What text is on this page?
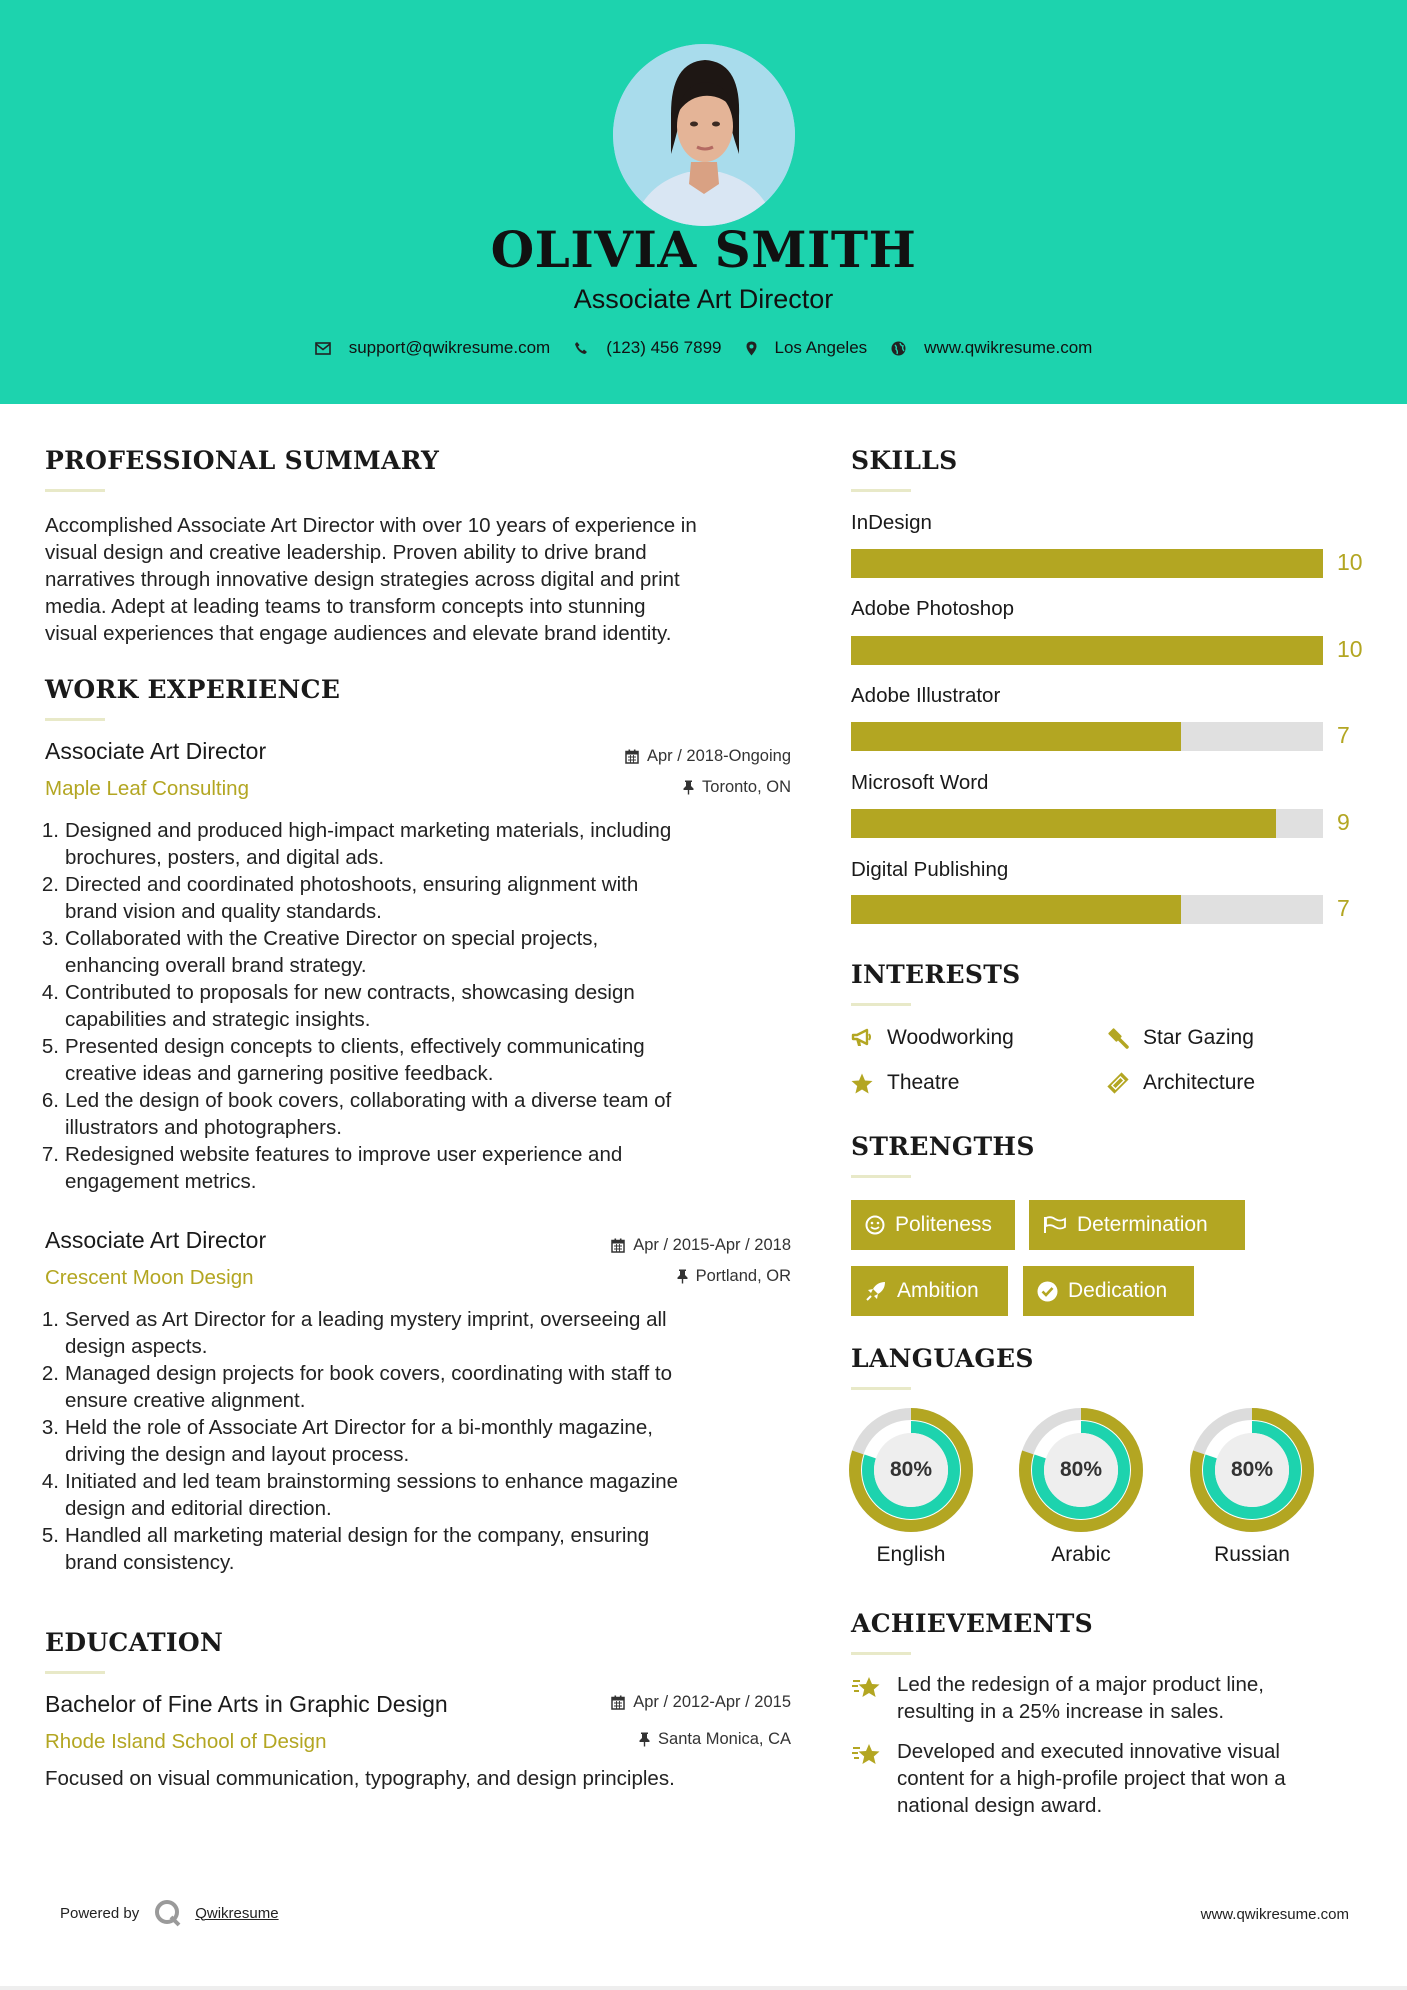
OLIVIA SMITH
Associate Art Director
support@qwikresume.com	(123) 456 7899	Los Angeles	www.qwikresume.com
PROFESSIONAL SUMMARY
Accomplished Associate Art Director with over 10 years of experience in
visual design and creative leadership. Proven ability to drive brand
narratives through innovative design strategies across digital and print
media. Adept at leading teams to transform concepts into stunning
visual experiences that engage audiences and elevate brand identity.
WORK EXPERIENCE
Associate Art Director
Maple Leaf Consulting
Apr / 2018-Ongoing
Toronto, ON
1. Designed and produced high-impact marketing materials, including
brochures, posters, and digital ads.
2. Directed and coordinated photoshoots, ensuring alignment with
brand vision and quality standards.
3. Collaborated with the Creative Director on special projects,
enhancing overall brand strategy.
4. Contributed to proposals for new contracts, showcasing design
capabilities and strategic insights.
5. Presented design concepts to clients, effectively communicating
creative ideas and garnering positive feedback.
6. Led the design of book covers, collaborating with a diverse team of
illustrators and photographers.
7. Redesigned website features to improve user experience and
engagement metrics.
Associate Art Director
Crescent Moon Design
Apr / 2015-Apr / 2018
Portland, OR
1. Served as Art Director for a leading mystery imprint, overseeing all
design aspects.
2. Managed design projects for book covers, coordinating with staff to
ensure creative alignment.
3. Held the role of Associate Art Director for a bi-monthly magazine,
driving the design and layout process.
4. Initiated and led team brainstorming sessions to enhance magazine
design and editorial direction.
5. Handled all marketing material design for the company, ensuring
brand consistency.
EDUCATION
Bachelor of Fine Arts in Graphic Design
Rhode Island School of Design
Apr / 2012-Apr / 2015
Santa Monica, CA
Focused on visual communication, typography, and design principles.
SKILLS
InDesign
10
Adobe Photoshop
10
Adobe Illustrator
7
Microsoft Word
9
Digital Publishing
7
INTERESTS
Woodworking	Star Gazing
Theatre	Architecture
STRENGTHS
Politeness	Determination
Ambition	Dedication
LANGUAGES
80%
English
80%
Arabic
80%
Russian
ACHIEVEMENTS
Led the redesign of a major product line,
resulting in a 25% increase in sales.
Developed and executed innovative visual
content for a high-profile project that won a
national design award.
Powered by	Qwikresume	www.qwikresume.com
